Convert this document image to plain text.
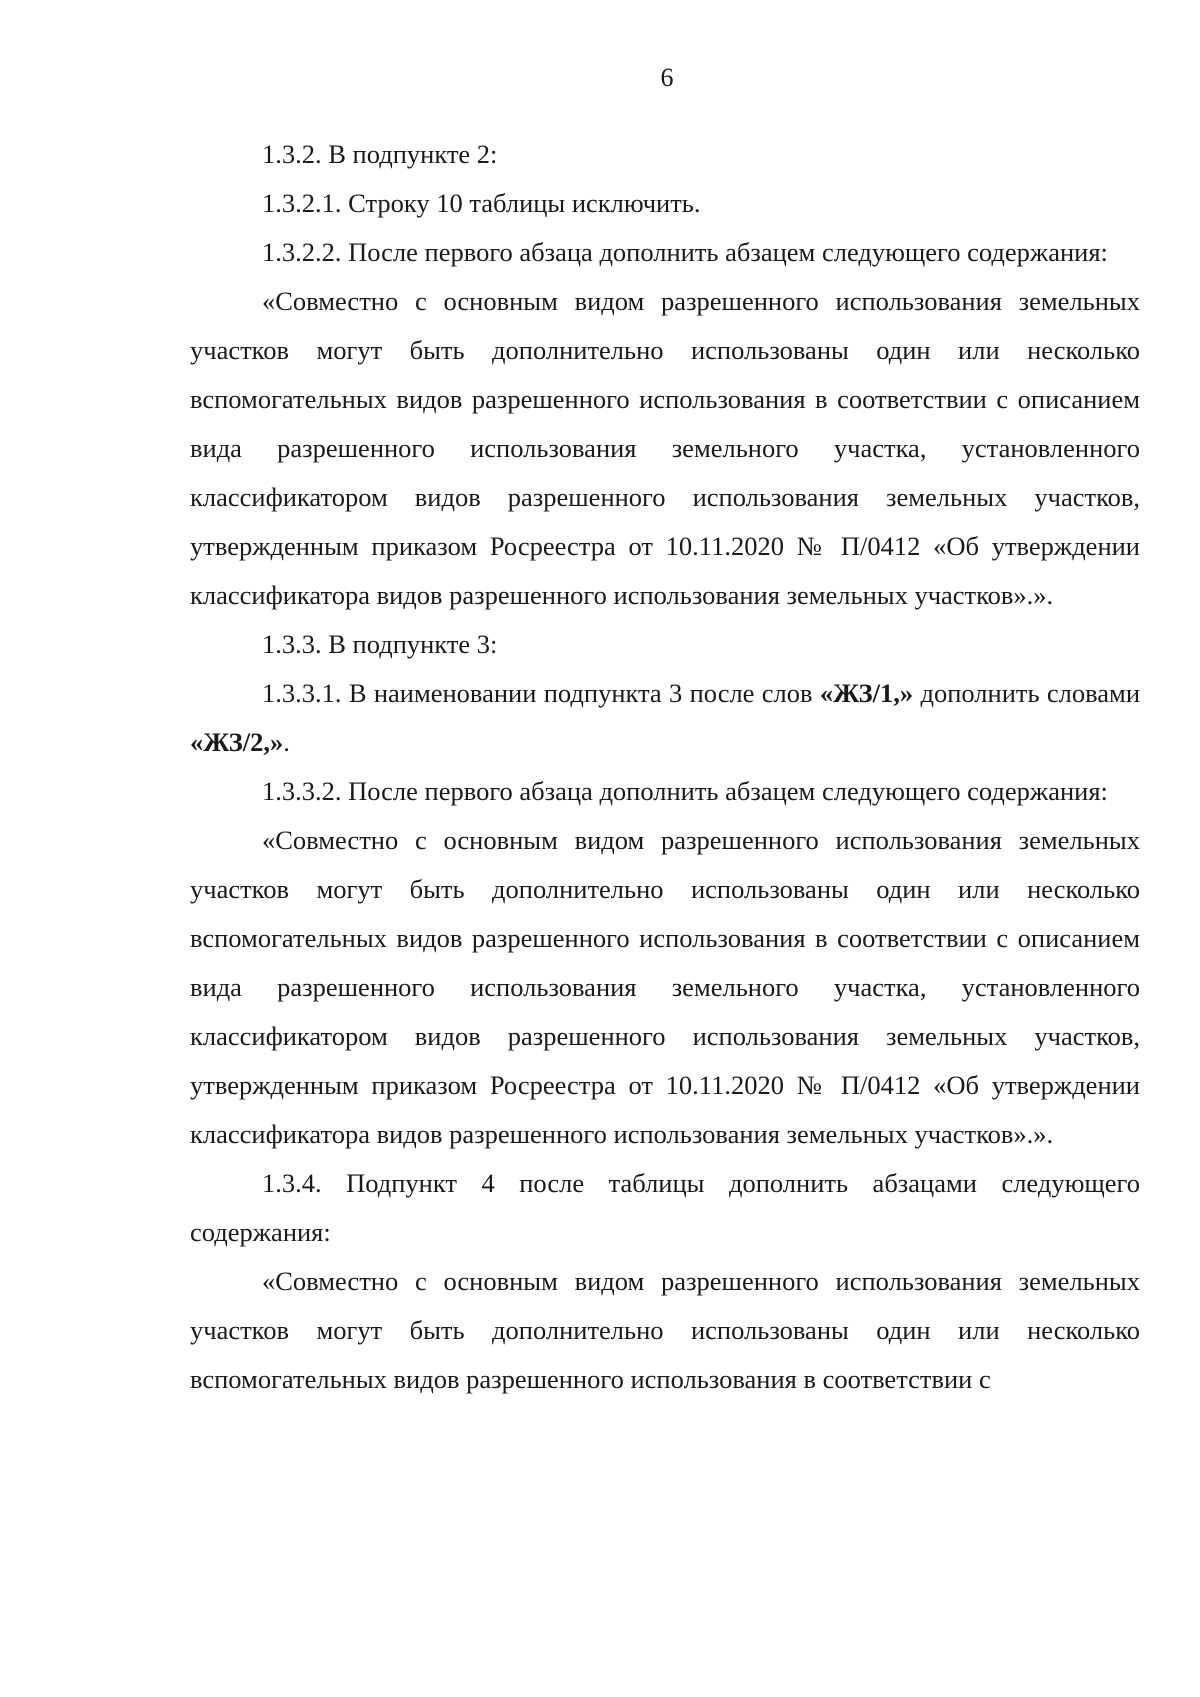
6

1.3.2. В подпункте 2:

1.3.2.1. Строку 10 таблицы исключить.

1.3.2.2. После первого абзаца дополнить абзацем следующего содержания:

«Совместно с основным видом разрешенного использования земельных участков могут быть дополнительно использованы один или несколько вспомогательных видов разрешенного использования в соответствии с описанием вида разрешенного использования земельного участка, установленного классификатором видов разрешенного использования земельных участков, утвержденным приказом Росреестра от 10.11.2020 № П/0412 «Об утверждении классификатора видов разрешенного использования земельных участков».».

1.3.3. В подпункте 3:

1.3.3.1. В наименовании подпункта 3 после слов «ЖЗ/1,» дополнить словами «ЖЗ/2,».

1.3.3.2. После первого абзаца дополнить абзацем следующего содержания:

«Совместно с основным видом разрешенного использования земельных участков могут быть дополнительно использованы один или несколько вспомогательных видов разрешенного использования в соответствии с описанием вида разрешенного использования земельного участка, установленного классификатором видов разрешенного использования земельных участков, утвержденным приказом Росреестра от 10.11.2020 № П/0412 «Об утверждении классификатора видов разрешенного использования земельных участков».».

1.3.4. Подпункт 4 после таблицы дополнить абзацами следующего содержания:

«Совместно с основным видом разрешенного использования земельных участков могут быть дополнительно использованы один или несколько вспомогательных видов разрешенного использования в соответствии с
